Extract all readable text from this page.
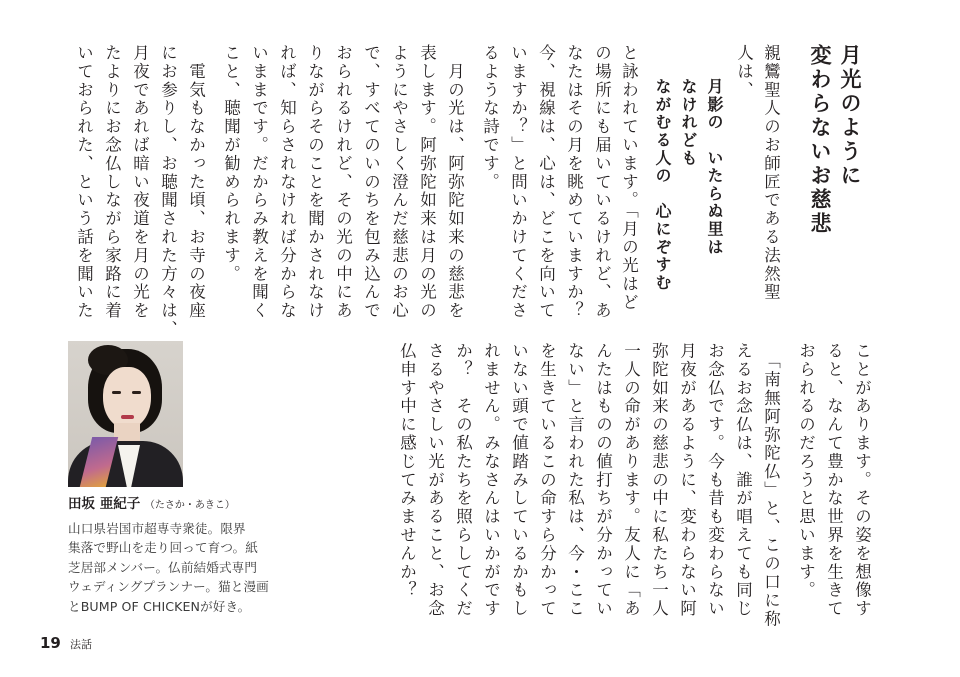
月光のように
変わらないお慈悲
親鸞聖人のお師匠である法然聖
人は、
月影の　いたらぬ里は
なけれども
ながむる人の　心にぞすむ
と詠われています。「月の光はど
の場所にも届いているけれど、あ
なたはその月を眺めていますか？
今、視線は、心は、どこを向いて
いますか？」と問いかけてくださ
るような詩です。
　月の光は、阿弥陀如来の慈悲を
表します。阿弥陀如来は月の光の
ようにやさしく澄んだ慈悲のお心
で、すべてのいのちを包み込んで
おられるけれど、その光の中にあ
りながらそのことを聞かされなけ
れば、知らされなければ分からな
いままです。だからみ教えを聞く
こと、聴聞が勧められます。
　電気もなかった頃、お寺の夜座
にお参りし、お聴聞された方々は、
月夜であれば暗い夜道を月の光を
たよりにお念仏しながら家路に着
いておられた、という話を聞いた
ことがあります。その姿を想像す
ると、なんて豊かな世界を生きて
おられるのだろうと思います。
　「南無阿弥陀仏」と、この口に称
えるお念仏は、誰が唱えても同じ
お念仏です。今も昔も変わらない
月夜があるように、変わらない阿
弥陀如来の慈悲の中に私たち一人
一人の命があります。友人に「あ
んたはものの値打ちが分かってい
ない」と言われた私は、今・ここ
を生きているこの命すら分かって
いない頭で値踏みしているかもし
れません。みなさんはいかがです
か？　その私たちを照らしてくだ
さるやさしい光があること、お念
仏申す中に感じてみませんか？
田坂 亜紀子 （たさか・あきこ）
山口県岩国市超専寺衆徒。限界
集落で野山を走り回って育つ。紙
芝居部メンバー。仏前結婚式専門
ウェディングプランナー。猫と漫画
とBUMP OF CHICKENが好き。
19 法話
